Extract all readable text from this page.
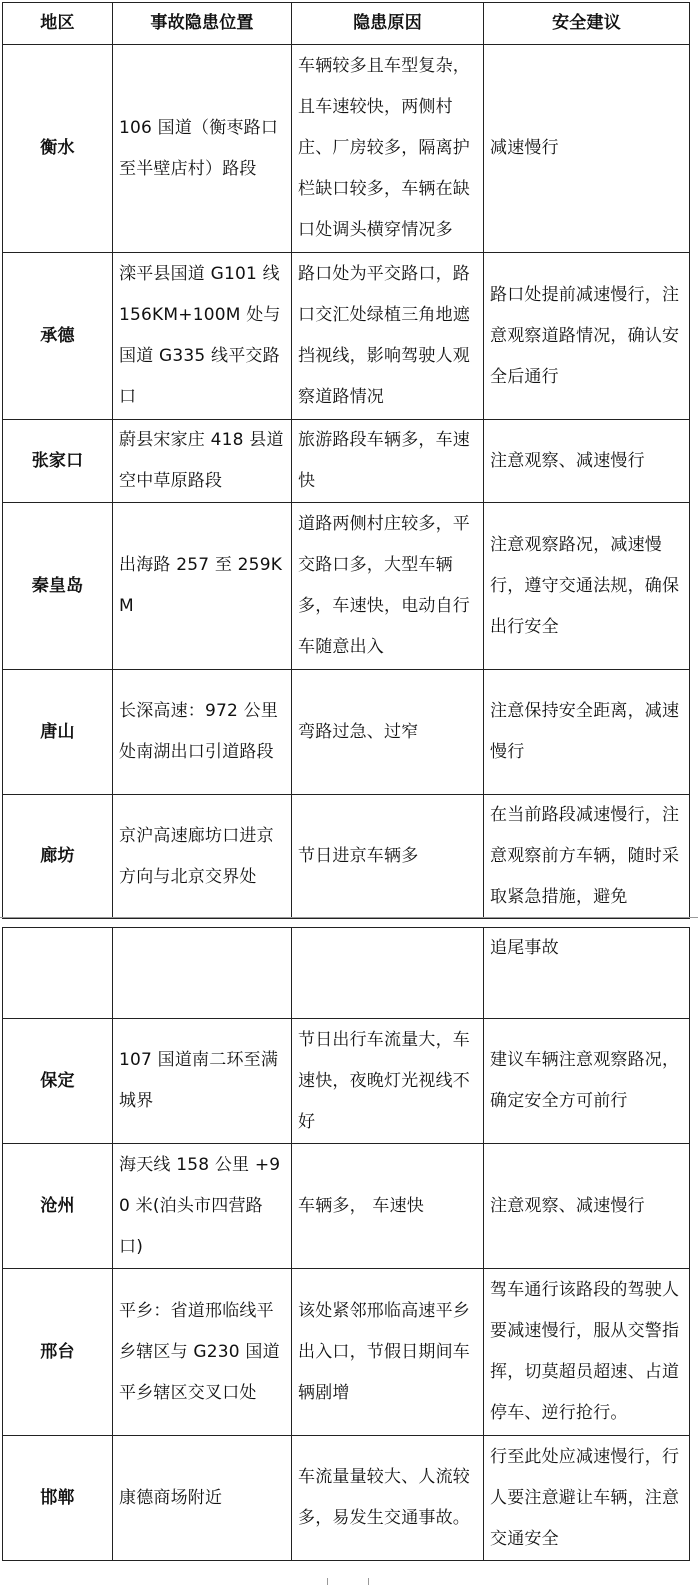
地区	事故隐患位置	隐患原因	安全建议
衡水	106 国道（衡枣路口至半壁店村）路段	车辆较多且车型复杂，且车速较快，两侧村庄、厂房较多，隔离护栏缺口较多，车辆在缺口处调头横穿情况多	减速慢行
承德	滦平县国道 G101 线 156KM+100M 处与国道 G335 线平交路口	路口处为平交路口，路口交汇处绿植三角地遮挡视线，影响驾驶人观察道路情况	路口处提前减速慢行，注意观察道路情况，确认安全后通行
张家口	蔚县宋家庄 418 县道空中草原路段	旅游路段车辆多，车速快	注意观察、减速慢行
秦皇岛	出海路 257 至 259KM	道路两侧村庄较多，平交路口多，大型车辆多，车速快，电动自行车随意出入	注意观察路况，减速慢行，遵守交通法规，确保出行安全
唐山	长深高速：972 公里处南湖出口引道路段	弯路过急、过窄	注意保持安全距离，减速慢行
廊坊	京沪高速廊坊口进京方向与北京交界处	节日进京车辆多	在当前路段减速慢行，注意观察前方车辆，随时采取紧急措施，避免
			追尾事故
保定	107 国道南二环至满城界	节日出行车流量大，车速快，夜晚灯光视线不好	建议车辆注意观察路况，确定安全方可前行
沧州	海天线 158 公里 +90 米(泊头市四营路口)	车辆多， 车速快	注意观察、减速慢行
邢台	平乡：省道邢临线平乡辖区与 G230 国道平乡辖区交叉口处	该处紧邻邢临高速平乡出入口，节假日期间车辆剧增	驾车通行该路段的驾驶人要减速慢行，服从交警指挥，切莫超员超速、占道停车、逆行抢行。
邯郸	康德商场附近	车流量量较大、人流较多，易发生交通事故。	行至此处应减速慢行，行人要注意避让车辆，注意交通安全
